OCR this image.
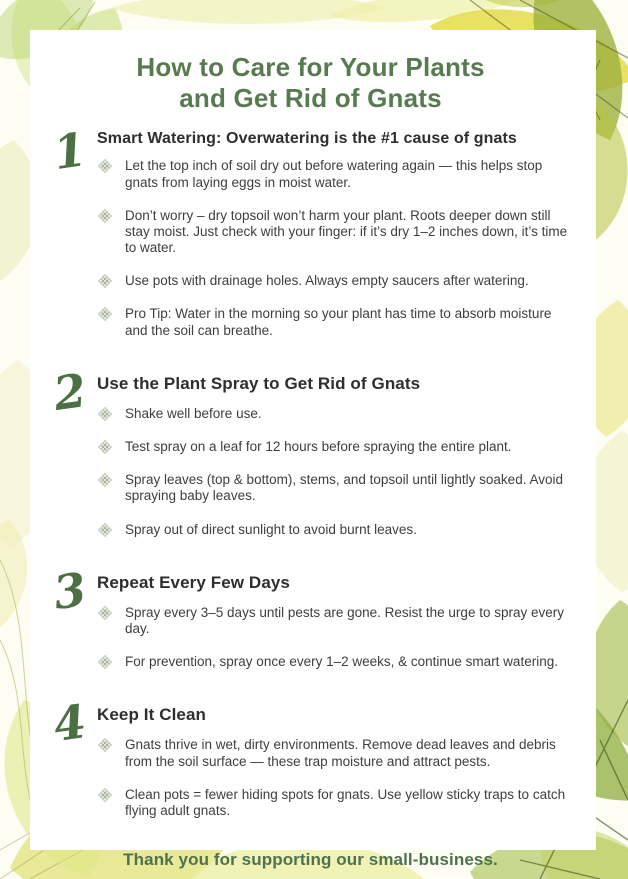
How to Care for Your Plants
and Get Rid of Gnats
1 Smart Watering: Overwatering is the #1 cause of gnats
Let the top inch of soil dry out before watering again — this helps stop gnats from laying eggs in moist water.
Don’t worry – dry topsoil won’t harm your plant. Roots deeper down still stay moist. Just check with your finger: if it’s dry 1–2 inches down, it’s time to water.
Use pots with drainage holes. Always empty saucers after watering.
Pro Tip: Water in the morning so your plant has time to absorb moisture and the soil can breathe.
2 Use the Plant Spray to Get Rid of Gnats
Shake well before use.
Test spray on a leaf for 12 hours before spraying the entire plant.
Spray leaves (top & bottom), stems, and topsoil until lightly soaked. Avoid spraying baby leaves.
Spray out of direct sunlight to avoid burnt leaves.
3 Repeat Every Few Days
Spray every 3–5 days until pests are gone. Resist the urge to spray every day.
For prevention, spray once every 1–2 weeks, & continue smart watering.
4 Keep It Clean
Gnats thrive in wet, dirty environments. Remove dead leaves and debris from the soil surface — these trap moisture and attract pests.
Clean pots = fewer hiding spots for gnats. Use yellow sticky traps to catch flying adult gnats.
Thank you for supporting our small-business.
